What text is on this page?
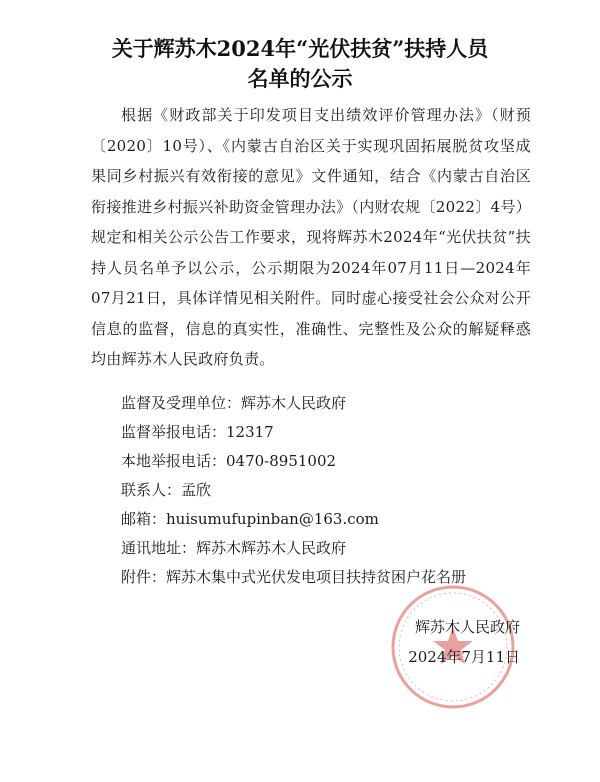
关于辉苏木2024年“光伏扶贫”扶持人员
名单的公示
根据《财政部关于印发项目支出绩效评价管理办法》（财预〔2020〕10号）、《内蒙古自治区关于实现巩固拓展脱贫攻坚成果同乡村振兴有效衔接的意见》文件通知，结合《内蒙古自治区衔接推进乡村振兴补助资金管理办法》（内财农规〔2022〕4号）规定和相关公示公告工作要求，现将辉苏木2024年“光伏扶贫”扶持人员名单予以公示，公示期限为2024年07月11日—2024年07月21日，具体详情见相关附件。同时虚心接受社会公众对公开信息的监督，信息的真实性，准确性、完整性及公众的解疑释惑均由辉苏木人民政府负责。
监督及受理单位：辉苏木人民政府
监督举报电话：12317
本地举报电话：0470-8951002
联系人：孟欣
邮箱：huisumufupinban@163.com
通讯地址：辉苏木辉苏木人民政府
附件：辉苏木集中式光伏发电项目扶持贫困户花名册
辉苏木人民政府
2024年7月11日
